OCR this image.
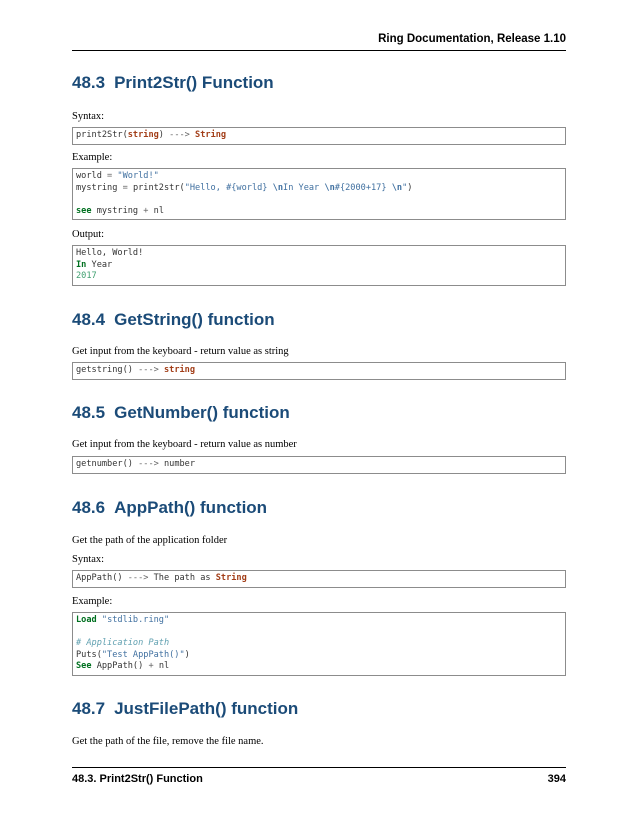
Ring Documentation, Release 1.10
48.3 Print2Str() Function

Syntax:

print2Str(string) ---> String

Example:

world = "World!"
mystring = print2str("Hello, #{world} \nIn Year \n#{2000+17} \n")
see mystring + nl

Output:

Hello, World!
In Year
2017
48.4 GetString() function

Get input from the keyboard - return value as string

getstring() ---> string
48.5 GetNumber() function

Get input from the keyboard - return value as number

getnumber() ---> number
48.6 AppPath() function

Get the path of the application folder

Syntax:

AppPath() ---> The path as String

Example:

Load "stdlib.ring"
# Application Path
Puts("Test AppPath()")
See AppPath() + nl
48.7 JustFilePath() function

Get the path of the file, remove the file name.

48.3. Print2Str() Function	394
